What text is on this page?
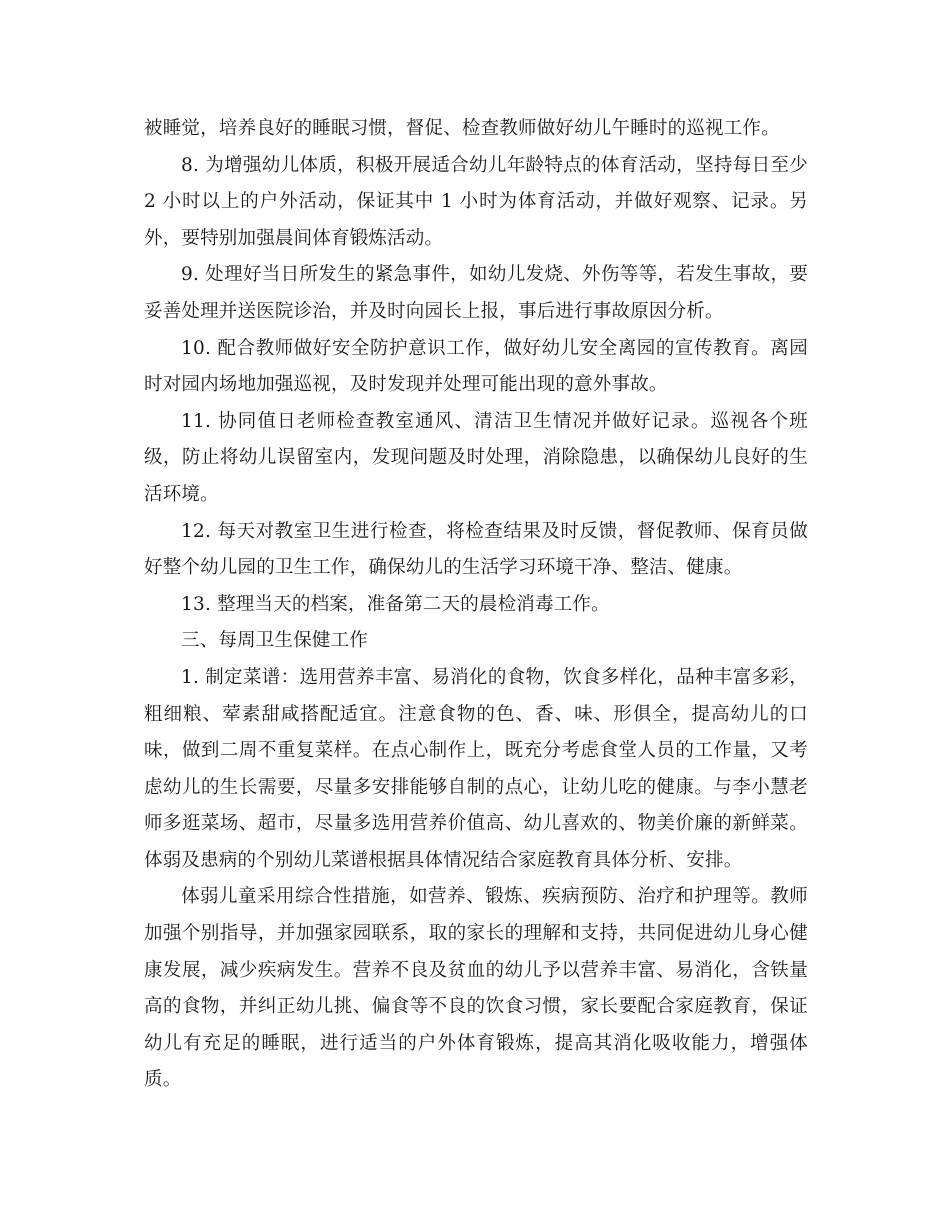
被睡觉，培养良好的睡眠习惯，督促、检查教师做好幼儿午睡时的巡视工作。

8. 为增强幼儿体质，积极开展适合幼儿年龄特点的体育活动，坚持每日至少 2 小时以上的户外活动，保证其中 1 小时为体育活动，并做好观察、记录。另外，要特别加强晨间体育锻炼活动。

9. 处理好当日所发生的紧急事件，如幼儿发烧、外伤等等，若发生事故，要妥善处理并送医院诊治，并及时向园长上报，事后进行事故原因分析。

10. 配合教师做好安全防护意识工作，做好幼儿安全离园的宣传教育。离园时对园内场地加强巡视，及时发现并处理可能出现的意外事故。

11. 协同值日老师检查教室通风、清洁卫生情况并做好记录。巡视各个班级，防止将幼儿误留室内，发现问题及时处理，消除隐患，以确保幼儿良好的生活环境。

12. 每天对教室卫生进行检查，将检查结果及时反馈，督促教师、保育员做好整个幼儿园的卫生工作，确保幼儿的生活学习环境干净、整洁、健康。

13. 整理当天的档案，准备第二天的晨检消毒工作。

三、每周卫生保健工作

1. 制定菜谱：选用营养丰富、易消化的食物，饮食多样化，品种丰富多彩，粗细粮、荤素甜咸搭配适宜。注意食物的色、香、味、形俱全，提高幼儿的口味，做到二周不重复菜样。在点心制作上，既充分考虑食堂人员的工作量，又考虑幼儿的生长需要，尽量多安排能够自制的点心，让幼儿吃的健康。与李小慧老师多逛菜场、超市，尽量多选用营养价值高、幼儿喜欢的、物美价廉的新鲜菜。体弱及患病的个别幼儿菜谱根据具体情况结合家庭教育具体分析、安排。

体弱儿童采用综合性措施，如营养、锻炼、疾病预防、治疗和护理等。教师加强个别指导，并加强家园联系，取的家长的理解和支持，共同促进幼儿身心健康发展，减少疾病发生。营养不良及贫血的幼儿予以营养丰富、易消化，含铁量高的食物，并纠正幼儿挑、偏食等不良的饮食习惯，家长要配合家庭教育，保证幼儿有充足的睡眠，进行适当的户外体育锻炼，提高其消化吸收能力，增强体质。
